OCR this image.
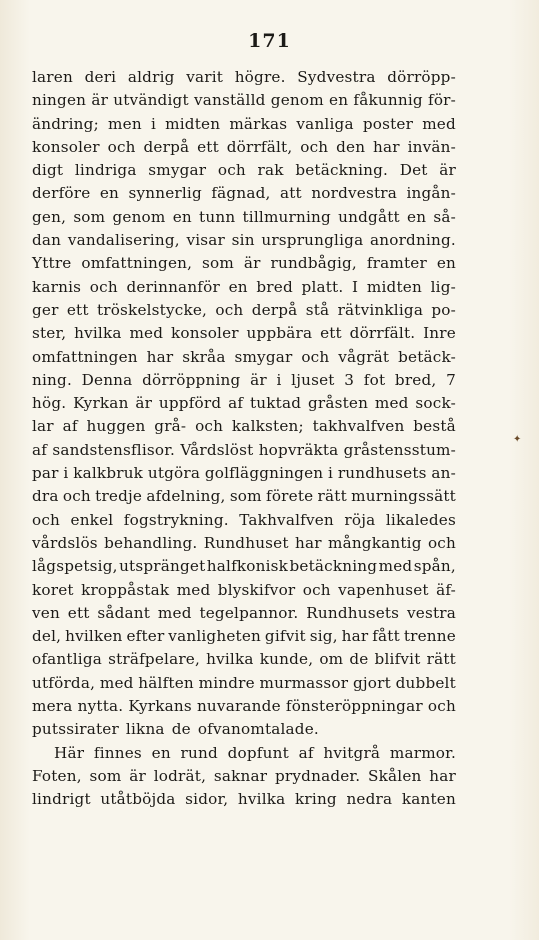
171
laren deri aldrig varit högre. Sydvestra dörröpp-
ningen är utvändigt vanställd genom en fåkunnig för-
ändring; men i midten märkas vanliga poster med
konsoler och derpå ett dörrfält, och den har invän-
digt lindriga smygar och rak betäckning. Det är
derföre en synnerlig fägnad, att nordvestra ingån-
gen, som genom en tunn tillmurning undgått en så-
dan vandalisering, visar sin ursprungliga anordning.
Yttre omfattningen, som är rundbågig, framter en
karnis och derinnanför en bred platt. I midten lig-
ger ett tröskelstycke, och derpå stå rätvinkliga po-
ster, hvilka med konsoler uppbära ett dörrfält. Inre
omfattningen har skråa smygar och vågrät betäck-
ning. Denna dörröppning är i ljuset 3 fot bred, 7
hög. Kyrkan är uppförd af tuktad gråsten med sock-
lar af huggen grå- och kalksten; takhvalfven bestå
af sandstensflisor. Vårdslöst hopvräkta gråstensstum-
par i kalkbruk utgöra golfläggningen i rundhusets an-
dra och tredje afdelning, som förete rätt murningssätt
och enkel fogstrykning. Takhvalfven röja likaledes
vårdslös behandling. Rundhuset har mångkantig och
lågspetsig, utspränget halfkonisk betäckning med spån,
koret kroppåstak med blyskifvor och vapenhuset äf-
ven ett sådant med tegelpannor. Rundhusets vestra
del, hvilken efter vanligheten gifvit sig, har fått trenne
ofantliga sträfpelare, hvilka kunde, om de blifvit rätt
utförda, med hälften mindre murmassor gjort dubbelt
mera nytta. Kyrkans nuvarande fönsteröppningar och
putssirater likna de ofvanomtalade.
Här finnes en rund dopfunt af hvitgrå marmor.
Foten, som är lodrät, saknar prydnader. Skålen har
lindrigt utåtböjda sidor, hvilka kring nedra kanten
✦
